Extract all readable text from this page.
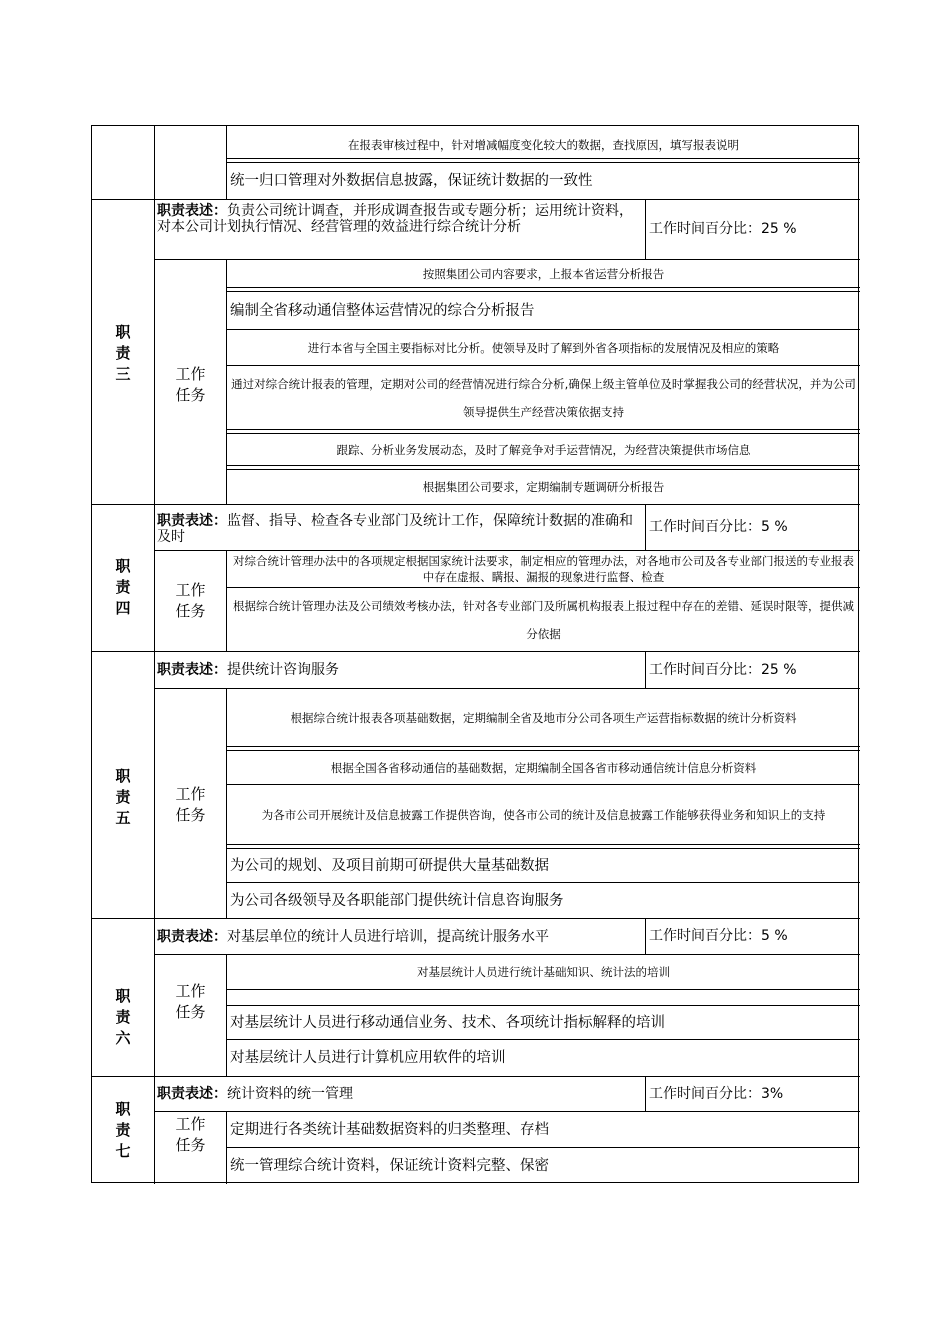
在报表审核过程中，针对增减幅度变化较大的数据，查找原因，填写报表说明
统一归口管理对外数据信息披露，保证统计数据的一致性
职责三
职责表述：负责公司统计调查，并形成调查报告或专题分析；运用统计资料，对本公司计划执行情况、经营管理的效益进行综合统计分析	工作时间百分比：25 %
工作任务
按照集团公司内容要求，上报本省运营分析报告
编制全省移动通信整体运营情况的综合分析报告
进行本省与全国主要指标对比分析。使领导及时了解到外省各项指标的发展情况及相应的策略
通过对综合统计报表的管理，定期对公司的经营情况进行综合分析,确保上级主管单位及时掌握我公司的经营状况，并为公司领导提供生产经营决策依据支持
跟踪、分析业务发展动态，及时了解竞争对手运营情况，为经营决策提供市场信息
根据集团公司要求，定期编制专题调研分析报告
职责四
职责表述：监督、指导、检查各专业部门及统计工作，保障统计数据的准确和及时
工作时间百分比：5 %
工作任务
对综合统计管理办法中的各项规定根据国家统计法要求，制定相应的管理办法，对各地市公司及各专业部门报送的专业报表中存在虚报、瞒报、漏报的现象进行监督、检查
根据综合统计管理办法及公司绩效考核办法，针对各专业部门及所属机构报表上报过程中存在的差错、延误时限等，提供减分依据
职责五
职责表述： 提供统计咨询服务	工作时间百分比：25 %
工作任务
根据综合统计报表各项基础数据，定期编制全省及地市分公司各项生产运营指标数据的统计分析资料
根据全国各省移动通信的基础数据，定期编制全国各省市移动通信统计信息分析资料
为各市公司开展统计及信息披露工作提供咨询，使各市公司的统计及信息披露工作能够获得业务和知识上的支持
为公司的规划、及项目前期可研提供大量基础数据
为公司各级领导及各职能部门提供统计信息咨询服务
职责六
职责表述： 对基层单位的统计人员进行培训，提高统计服务水平	工作时间百分比：5 %
工作任务
对基层统计人员进行统计基础知识、统计法的培训
对基层统计人员进行移动通信业务、技术、各项统计指标解释的培训
对基层统计人员进行计算机应用软件的培训
职责七
职责表述： 统计资料的统一管理	工作时间百分比：3%
工作任务
定期进行各类统计基础数据资料的归类整理、存档
统一管理综合统计资料，保证统计资料完整、保密
